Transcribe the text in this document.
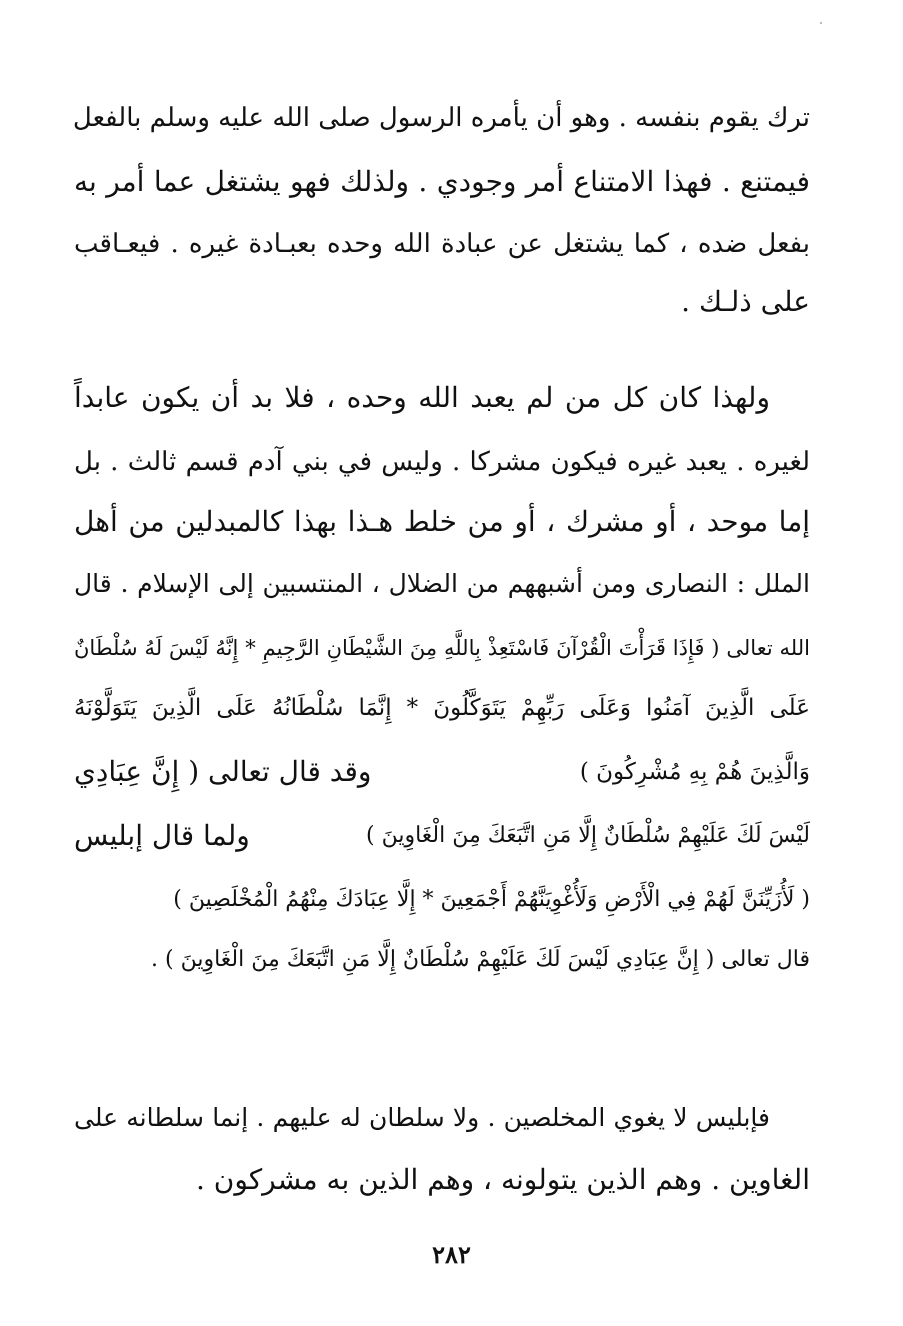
ترك يقوم بنفسه . وهو أن يأمره الرسول صلى الله عليه وسلم بالفعل
فيمتنع . فهذا الامتناع أمر وجودي . ولذلك فهو يشتغل عما أمر به
بفعل ضده ، كما يشتغل عن عبادة الله وحده بعبـادة غيره . فيعـاقب
على ذلـك .
ولهذا كان كل من لم يعبد الله وحده ، فلا بد أن يكون عابداً
لغيره . يعبد غيره فيكون مشركا . وليس في بني آدم قسم ثالث . بل
إما موحد ، أو مشرك ، أو من خلط هـذا بهذا كالمبدلين من أهل
الملل : النصارى ومن أشبههم من الضلال ، المنتسبين إلى الإسلام . قال
الله تعالى ( فَإِذَا قَرَأْتَ الْقُرْآنَ فَاسْتَعِذْ بِاللَّهِ مِنَ الشَّيْطَانِ الرَّجِيمِ * إِنَّهُ لَيْسَ لَهُ سُلْطَانٌ
عَلَى الَّذِينَ آمَنُوا وَعَلَى رَبِّهِمْ يَتَوَكَّلُونَ * إِنَّمَا سُلْطَانُهُ عَلَى الَّذِينَ يَتَوَلَّوْنَهُ
وَالَّذِينَ هُمْ بِهِ مُشْرِكُونَ )
وقد قال تعالى ( إِنَّ عِبَادِي
لَيْسَ لَكَ عَلَيْهِمْ سُلْطَانٌ إِلَّا مَنِ اتَّبَعَكَ مِنَ الْغَاوِينَ )
ولما قال إبليس
( لَأُزَيِّنَنَّ لَهُمْ فِي الْأَرْضِ وَلَأُغْوِيَنَّهُمْ أَجْمَعِينَ * إِلَّا عِبَادَكَ مِنْهُمُ الْمُخْلَصِينَ )
قال تعالى ( إِنَّ عِبَادِي لَيْسَ لَكَ عَلَيْهِمْ سُلْطَانٌ إِلَّا مَنِ اتَّبَعَكَ مِنَ الْغَاوِينَ ) .
فإبليس لا يغوي المخلصين . ولا سلطان له عليهم . إنما سلطانه على
الغاوين . وهم الذين يتولونه ، وهم الذين به مشركون .
٢٨٢
